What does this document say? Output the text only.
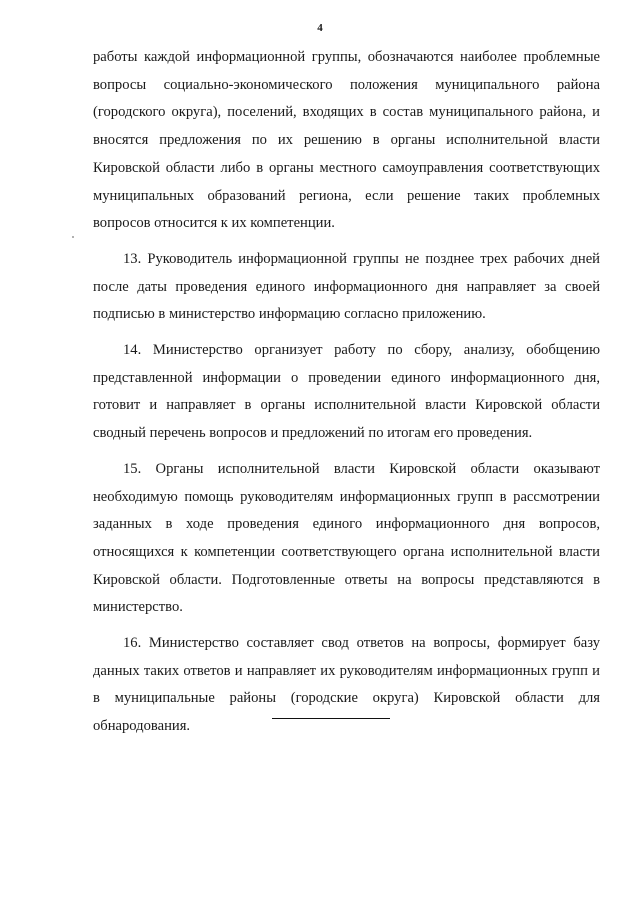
4

работы каждой информационной группы, обозначаются наиболее проблемные вопросы социально-экономического положения муниципального района (городского округа), поселений, входящих в состав муниципального района, и вносятся предложения по их решению в органы исполнительной власти Кировской области либо в органы местного самоуправления соответствующих муниципальных образований региона, если решение таких проблемных вопросов относится к их компетенции.

13. Руководитель информационной группы не позднее трех рабочих дней после даты проведения единого информационного дня направляет за своей подписью в министерство информацию согласно приложению.

14. Министерство организует работу по сбору, анализу, обобщению представленной информации о проведении единого информационного дня, готовит и направляет в органы исполнительной власти Кировской области сводный перечень вопросов и предложений по итогам его проведения.

15. Органы исполнительной власти Кировской области оказывают необходимую помощь руководителям информационных групп в рассмотрении заданных в ходе проведения единого информационного дня вопросов, относящихся к компетенции соответствующего органа исполнительной власти Кировской области. Подготовленные ответы на вопросы представляются в министерство.

16. Министерство составляет свод ответов на вопросы, формирует базу данных таких ответов и направляет их руководителям информационных групп и в муниципальные районы (городские округа) Кировской области для обнародования.
